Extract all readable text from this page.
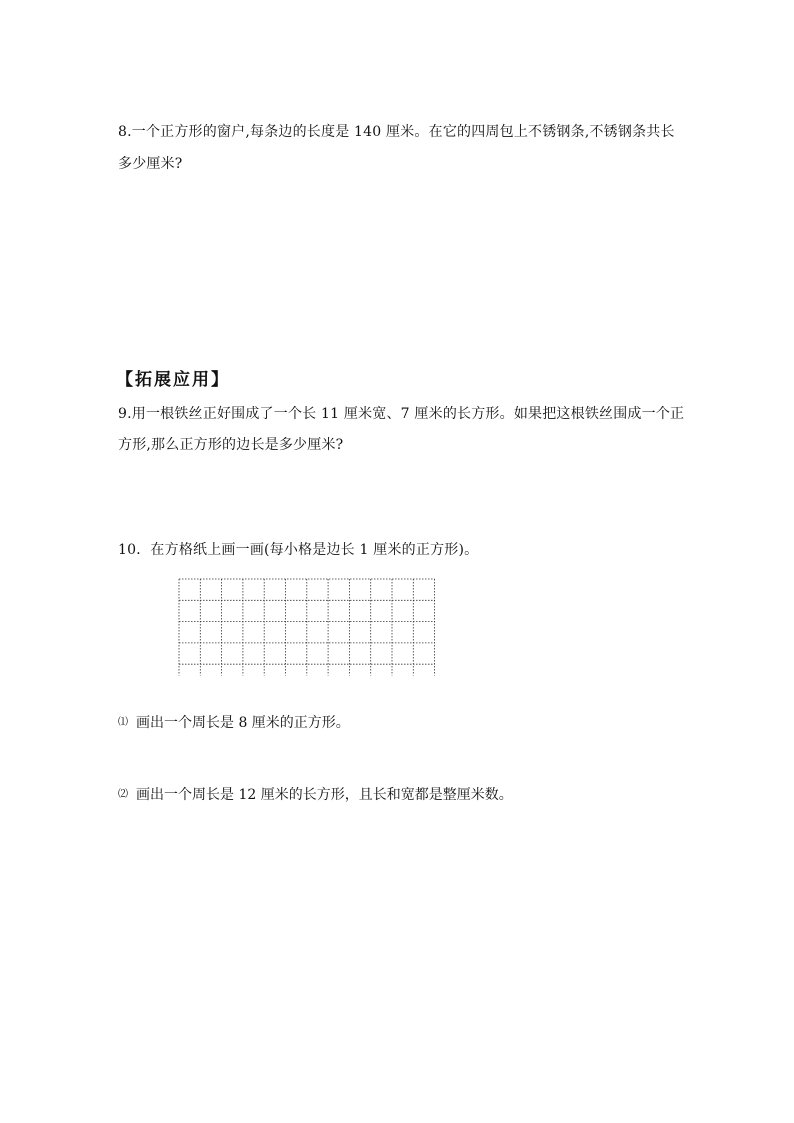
8.一个正方形的窗户,每条边的长度是 140 厘米。在它的四周包上不锈钢条,不锈钢条共长
多少厘米?
【拓展应用】
9.用一根铁丝正好围成了一个长 11 厘米宽、7 厘米的长方形。如果把这根铁丝围成一个正
方形,那么正方形的边长是多少厘米?
10．在方格纸上画一画(每小格是边长 1 厘米的正方形)。
⑴ 画出一个周长是 8 厘米的正方形。
⑵ 画出一个周长是 12 厘米的长方形，且长和宽都是整厘米数。
